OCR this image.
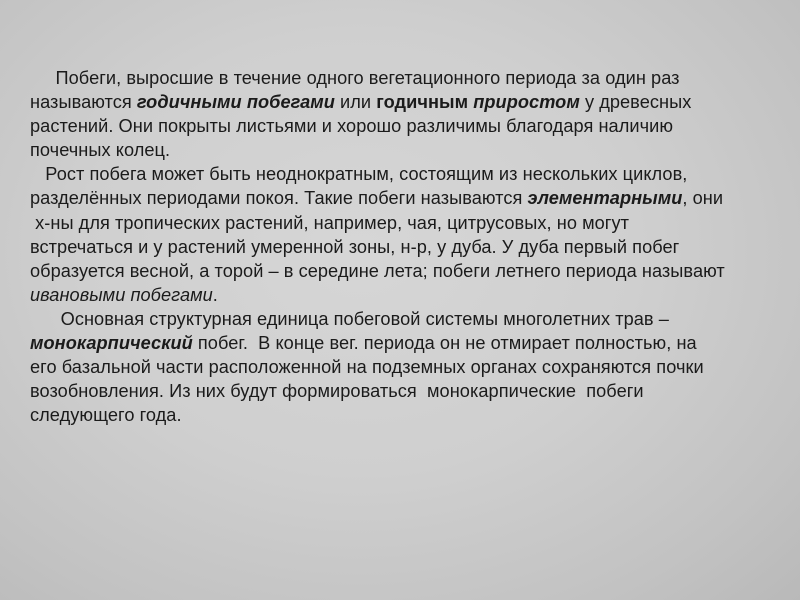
Побеги, выросшие в течение одного вегетационного периода за один раз
называются годичными побегами или годичным приростом у древесных
растений. Они покрыты листьями и хорошо различимы благодаря наличию
почечных колец.
Рост побега может быть неоднократным, состоящим из нескольких циклов,
разделённых периодами покоя. Такие побеги называются элементарными, они
х-ны для тропических растений, например, чая, цитрусовых, но могут
встречаться и у растений умеренной зоны, н-р, у дуба. У дуба первый побег
образуется весной, а торой – в середине лета; побеги летнего периода называют
ивановыми побегами.
Основная структурная единица побеговой системы многолетних трав –
монокарпический побег.  В конце вег. периода он не отмирает полностью, на
его базальной части расположенной на подземных органах сохраняются почки
возобновления. Из них будут формироваться  монокарпические  побеги
следующего года.
